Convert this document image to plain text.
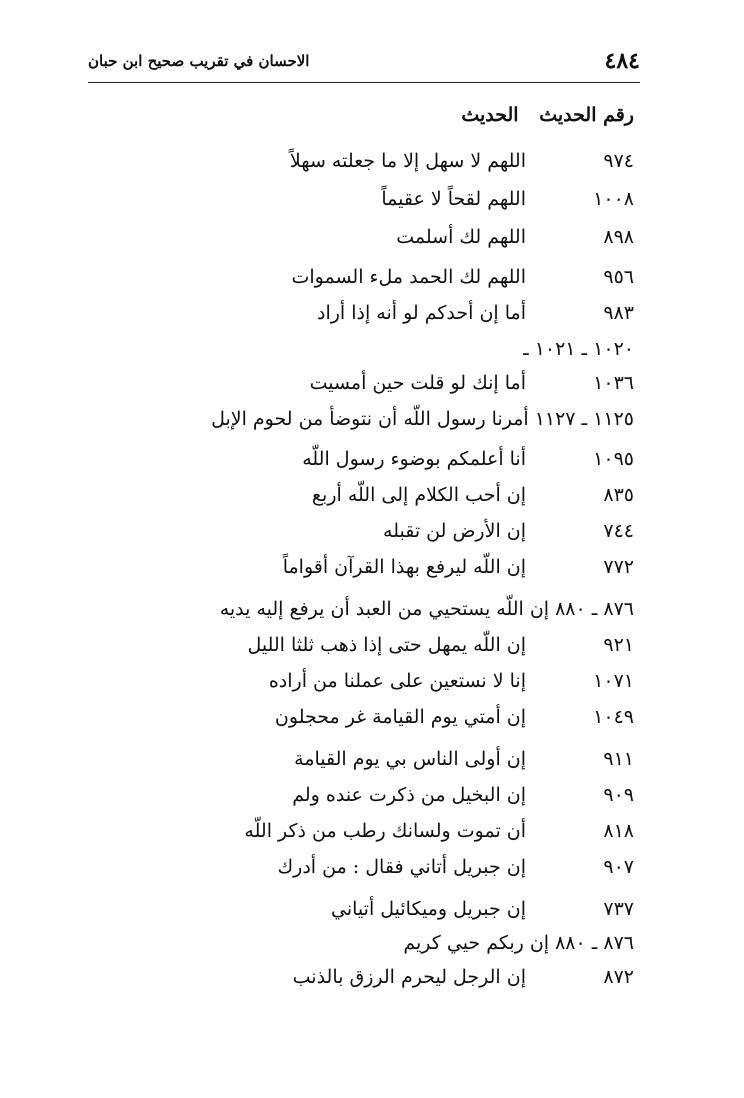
٤٨٤
الاحسان في تقريب صحيح ابن حبان
رقم الحديث الحديث
٩٧٤اللهم لا سهل إلا ما جعلته سهلاً
١٠٠٨اللهم لقحاً لا عقيماً
٨٩٨اللهم لك أسلمت
٩٥٦اللهم لك الحمد ملء السموات
٩٨٣أما إن أحدكم لو أنه إذا أراد
١٠٢٠ ـ ١٠٢١ ـ
١٠٣٦أما إنك لو قلت حين أمسيت
١١٢٥ ـ ١١٢٧أمرنا رسول اللّه أن نتوضأ من لحوم الإبل
١٠٩٥أنا أعلمكم بوضوء رسول اللّه
٨٣٥إن أحب الكلام إلى اللّه أربع
٧٤٤إن الأرض لن تقبله
٧٧٢إن اللّه ليرفع بهذا القرآن أقواماً
٨٧٦ ـ ٨٨٠إن اللّه يستحيي من العبد أن يرفع إليه يديه
٩٢١إن اللّه يمهل حتى إذا ذهب ثلثا الليل
١٠٧١إنا لا نستعين على عملنا من أراده
١٠٤٩إن أمتي يوم القيامة غر محجلون
٩١١إن أولى الناس بي يوم القيامة
٩٠٩إن البخيل من ذكرت عنده ولم
٨١٨أن تموت ولسانك رطب من ذكر اللّه
٩٠٧إن جبريل أتاني فقال : من أدرك
٧٣٧إن جبريل وميكائيل أتياني
٨٧٦ ـ ٨٨٠إن ربكم حيي كريم
٨٧٢إن الرجل ليحرم الرزق بالذنب
